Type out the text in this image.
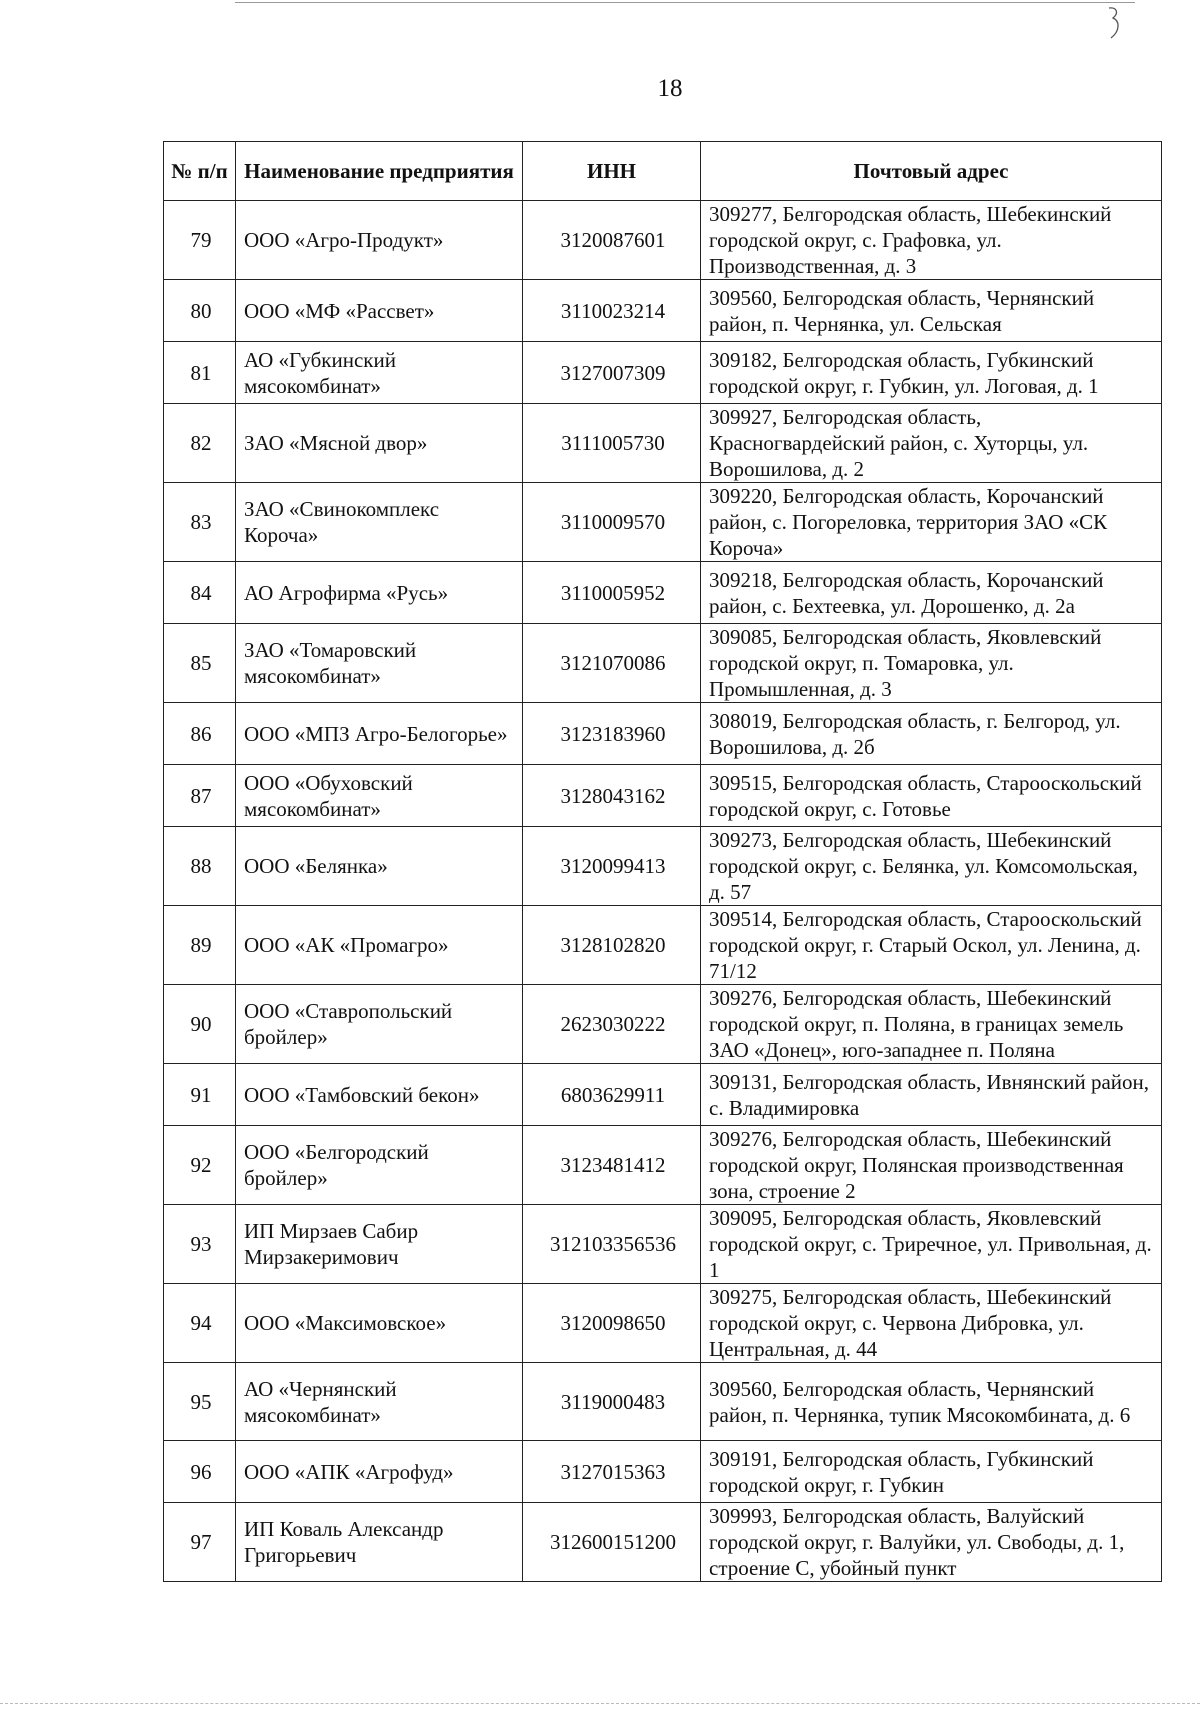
18
№ п/п	Наименование предприятия	ИНН	Почтовый адрес
79	ООО «Агро-Продукт»	3120087601	309277, Белгородская область, Шебекинский городской округ, с. Графовка, ул. Производственная, д. 3
80	ООО «МФ «Рассвет»	3110023214	309560, Белгородская область, Чернянский район, п. Чернянка, ул. Сельская
81	АО «Губкинский мясокомбинат»	3127007309	309182, Белгородская область, Губкинский городской округ, г. Губкин, ул. Логовая, д. 1
82	ЗАО «Мясной двор»	3111005730	309927, Белгородская область, Красногвардейский район, с. Хуторцы, ул. Ворошилова, д. 2
83	ЗАО «Свинокомплекс Короча»	3110009570	309220, Белгородская область, Корочанский район, с. Погореловка, территория ЗАО «СК Короча»
84	АО Агрофирма «Русь»	3110005952	309218, Белгородская область, Корочанский район, с. Бехтеевка, ул. Дорошенко, д. 2а
85	ЗАО «Томаровский мясокомбинат»	3121070086	309085, Белгородская область, Яковлевский городской округ, п. Томаровка, ул. Промышленная, д. 3
86	ООО «МПЗ Агро-Белогорье»	3123183960	308019, Белгородская область, г. Белгород, ул. Ворошилова, д. 2б
87	ООО «Обуховский мясокомбинат»	3128043162	309515, Белгородская область, Старооскольский городской округ, с. Готовье
88	ООО «Белянка»	3120099413	309273, Белгородская область, Шебекинский городской округ, с. Белянка, ул. Комсомольская, д. 57
89	ООО «АК «Промагро»	3128102820	309514, Белгородская область, Старооскольский городской округ, г. Старый Оскол, ул. Ленина, д. 71/12
90	ООО «Ставропольский бройлер»	2623030222	309276, Белгородская область, Шебекинский городской округ, п. Поляна, в границах земель ЗАО «Донец», юго-западнее п. Поляна
91	ООО «Тамбовский бекон»	6803629911	309131, Белгородская область, Ивнянский район, с. Владимировка
92	ООО «Белгородский бройлер»	3123481412	309276, Белгородская область, Шебекинский городской округ, Полянская производственная зона, строение 2
93	ИП Мирзаев Сабир Мирзакеримович	312103356536	309095, Белгородская область, Яковлевский городской округ, с. Триречное, ул. Привольная, д. 1
94	ООО «Максимовское»	3120098650	309275, Белгородская область, Шебекинский городской округ, с. Червона Дибровка, ул. Центральная, д. 44
95	АО «Чернянский мясокомбинат»	3119000483	309560, Белгородская область, Чернянский район, п. Чернянка, тупик Мясокомбината, д. 6
96	ООО «АПК «Агрофуд»	3127015363	309191, Белгородская область, Губкинский городской округ, г. Губкин
97	ИП Коваль Александр Григорьевич	312600151200	309993, Белгородская область, Валуйский городской округ, г. Валуйки, ул. Свободы, д. 1, строение С, убойный пункт
